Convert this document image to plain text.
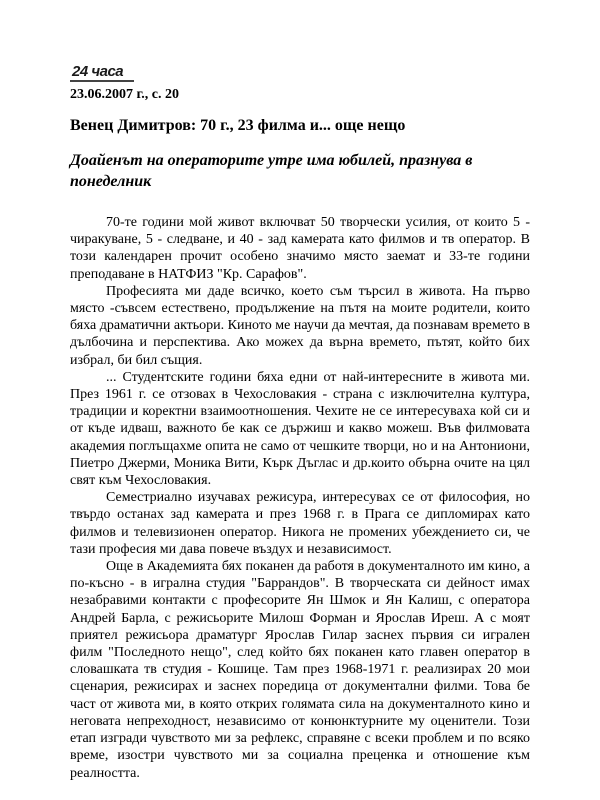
24 часа
23.06.2007 г., с. 20
Венец Димитров: 70 г., 23 филма и... още нещо
Доайенът на операторите утре има юбилей, празнува в понеделник

70-те години мой живот включват 50 творчески усилия, от които 5 - чиракуване, 5 - следване, и 40 - зад камерата като филмов и тв оператор. В този календарен прочит особено значимо място заемат и 33-те години преподаване в НАТФИЗ "Кр. Сарафов".

Професията ми даде всичко, което съм търсил в живота. На първо място -съвсем естествено, продължение на пътя на моите родители, които бяха драматични актьори. Киното ме научи да мечтая, да познавам времето в дълбочина и перспектива. Ако можех да върна времето, пътят, който бих избрал, би бил същия.

... Студентските години бяха едни от най-интересните в живота ми. През 1961 г. се отзовах в Чехословакия - страна с изключителна култура, традиции и коректни взаимоотношения. Чехите не се интересуваха кой си и от къде идваш, важното бе как се държиш и какво можеш. Във филмовата академия поглъщахме опита не само от чешките творци, но и на Антониони, Пиетро Джерми, Моника Вити, Кърк Дъглас и др.които обърна очите на цял свят към Чехословакия.

Семестриално изучавах режисура, интересувах се от философия, но твърдо останах зад камерата и през 1968 г. в Прага се дипломирах като филмов и телевизионен оператор. Никога не промених убеждението си, че тази професия ми дава повече въздух и независимост.

Още в Академията бях поканен да работя в документалното им кино, а по-късно - в игрална студия "Баррандов". В творческата си дейност имах незабравими контакти с професорите Ян Шмок и Ян Калиш, с оператора Андрей Барла, с режисьорите Милош Форман и Ярослав Иреш. А с моят приятел режисьора драматург Ярослав Гилар заснех първия си игрален филм "Последното нещо", след който бях поканен като главен оператор в словашката тв студия - Кошице. Там през 1968-1971 г. реализирах 20 мои сценария, режисирах и заснех поредица от документални филми. Това бе част от живота ми, в която открих голямата сила на документалното кино и неговата непреходност, независимо от конюнктурните му оценители. Този етап изгради чувството ми за рефлекс, справяне с всеки проблем и по всяко време, изостри чувството ми за социална преценка и отношение към реалността.
